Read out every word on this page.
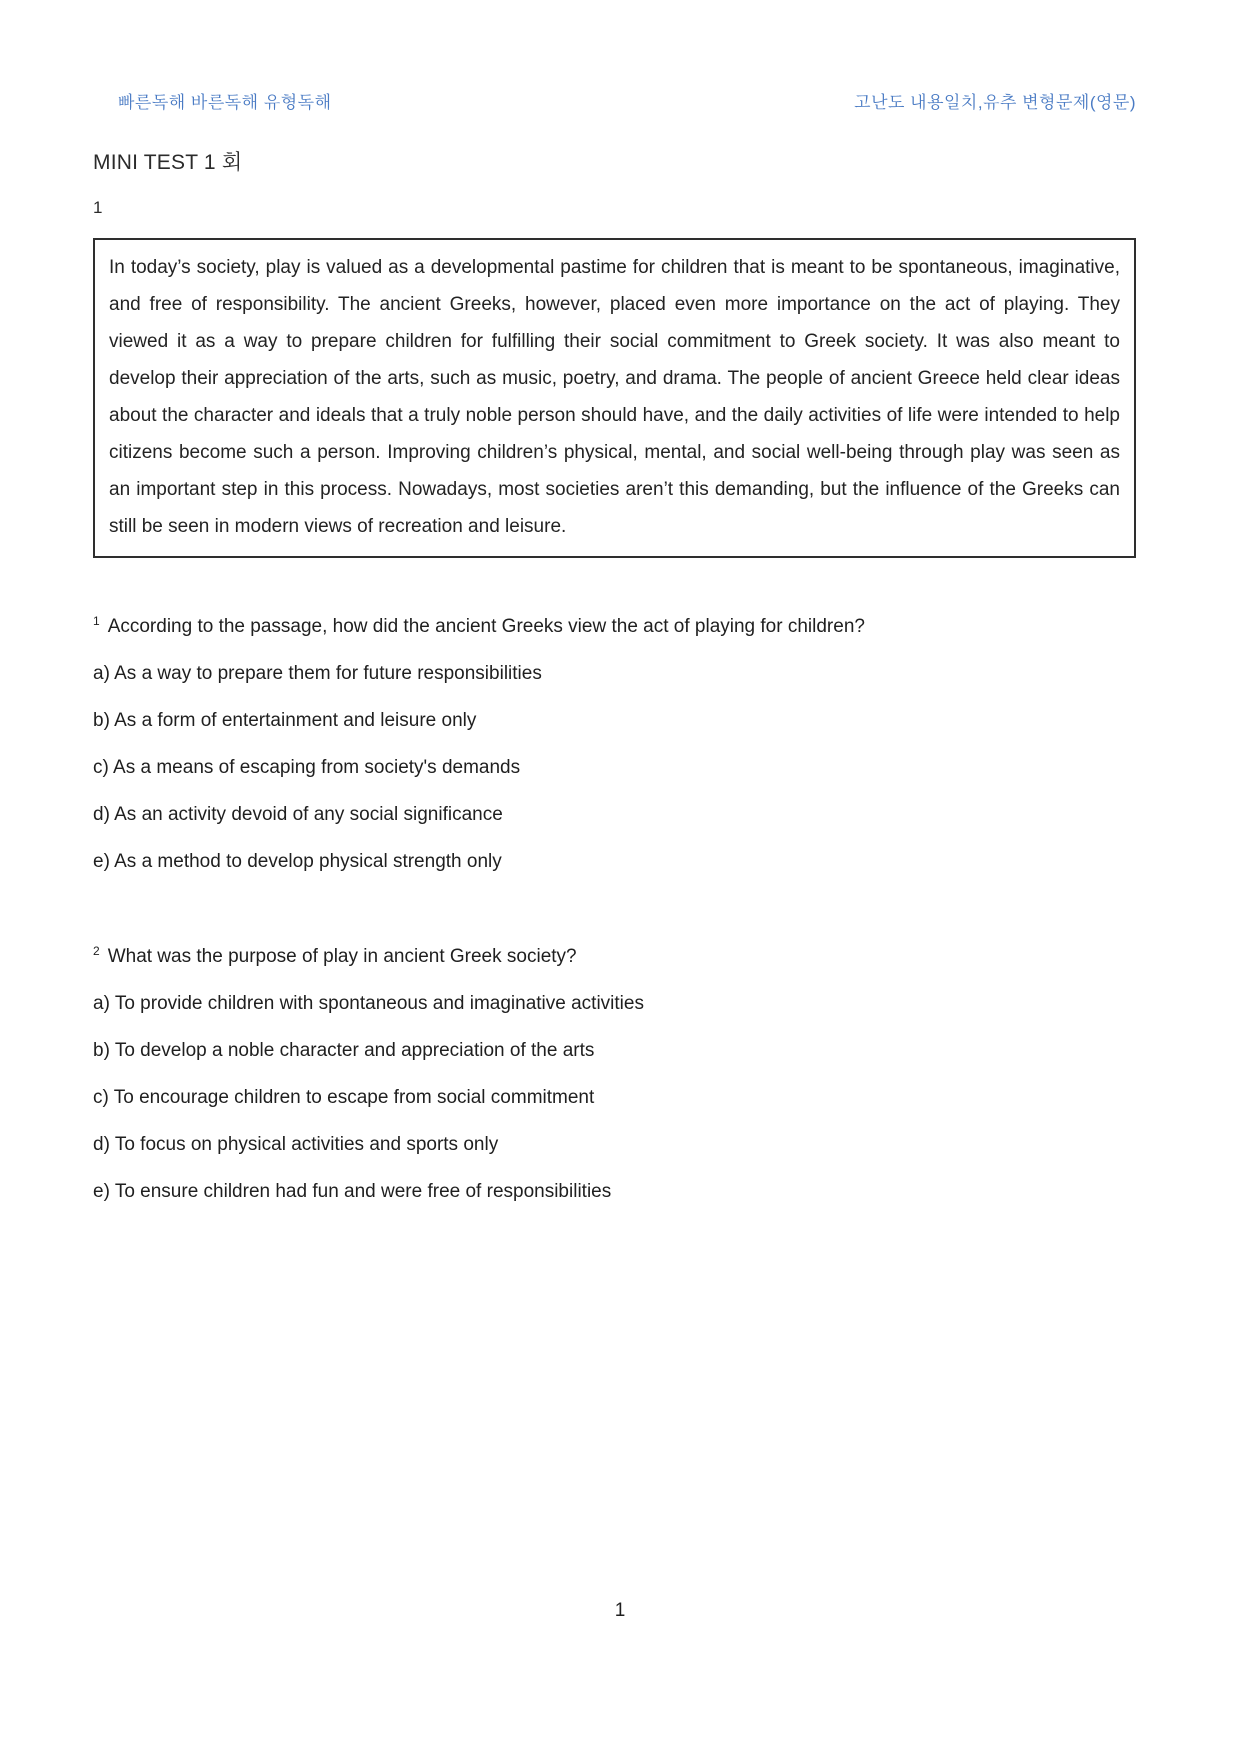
빠른독해 바른독해 유형독해	고난도 내용일치,유추 변형문제(영문)
MINI TEST 1 회
1
In today’s society, play is valued as a developmental pastime for children that is meant to be spontaneous, imaginative, and free of responsibility. The ancient Greeks, however, placed even more importance on the act of playing. They viewed it as a way to prepare children for fulfilling their social commitment to Greek society. It was also meant to develop their appreciation of the arts, such as music, poetry, and drama. The people of ancient Greece held clear ideas about the character and ideals that a truly noble person should have, and the daily activities of life were intended to help citizens become such a person. Improving children’s physical, mental, and social well-being through play was seen as an important step in this process. Nowadays, most societies aren’t this demanding, but the influence of the Greeks can still be seen in modern views of recreation and leisure.
$^1$ According to the passage, how did the ancient Greeks view the act of playing for children?
a) As a way to prepare them for future responsibilities
b) As a form of entertainment and leisure only
c) As a means of escaping from society's demands
d) As an activity devoid of any social significance
e) As a method to develop physical strength only
$^2$ What was the purpose of play in ancient Greek society?
a) To provide children with spontaneous and imaginative activities
b) To develop a noble character and appreciation of the arts
c) To encourage children to escape from social commitment
d) To focus on physical activities and sports only
e) To ensure children had fun and were free of responsibilities
1
